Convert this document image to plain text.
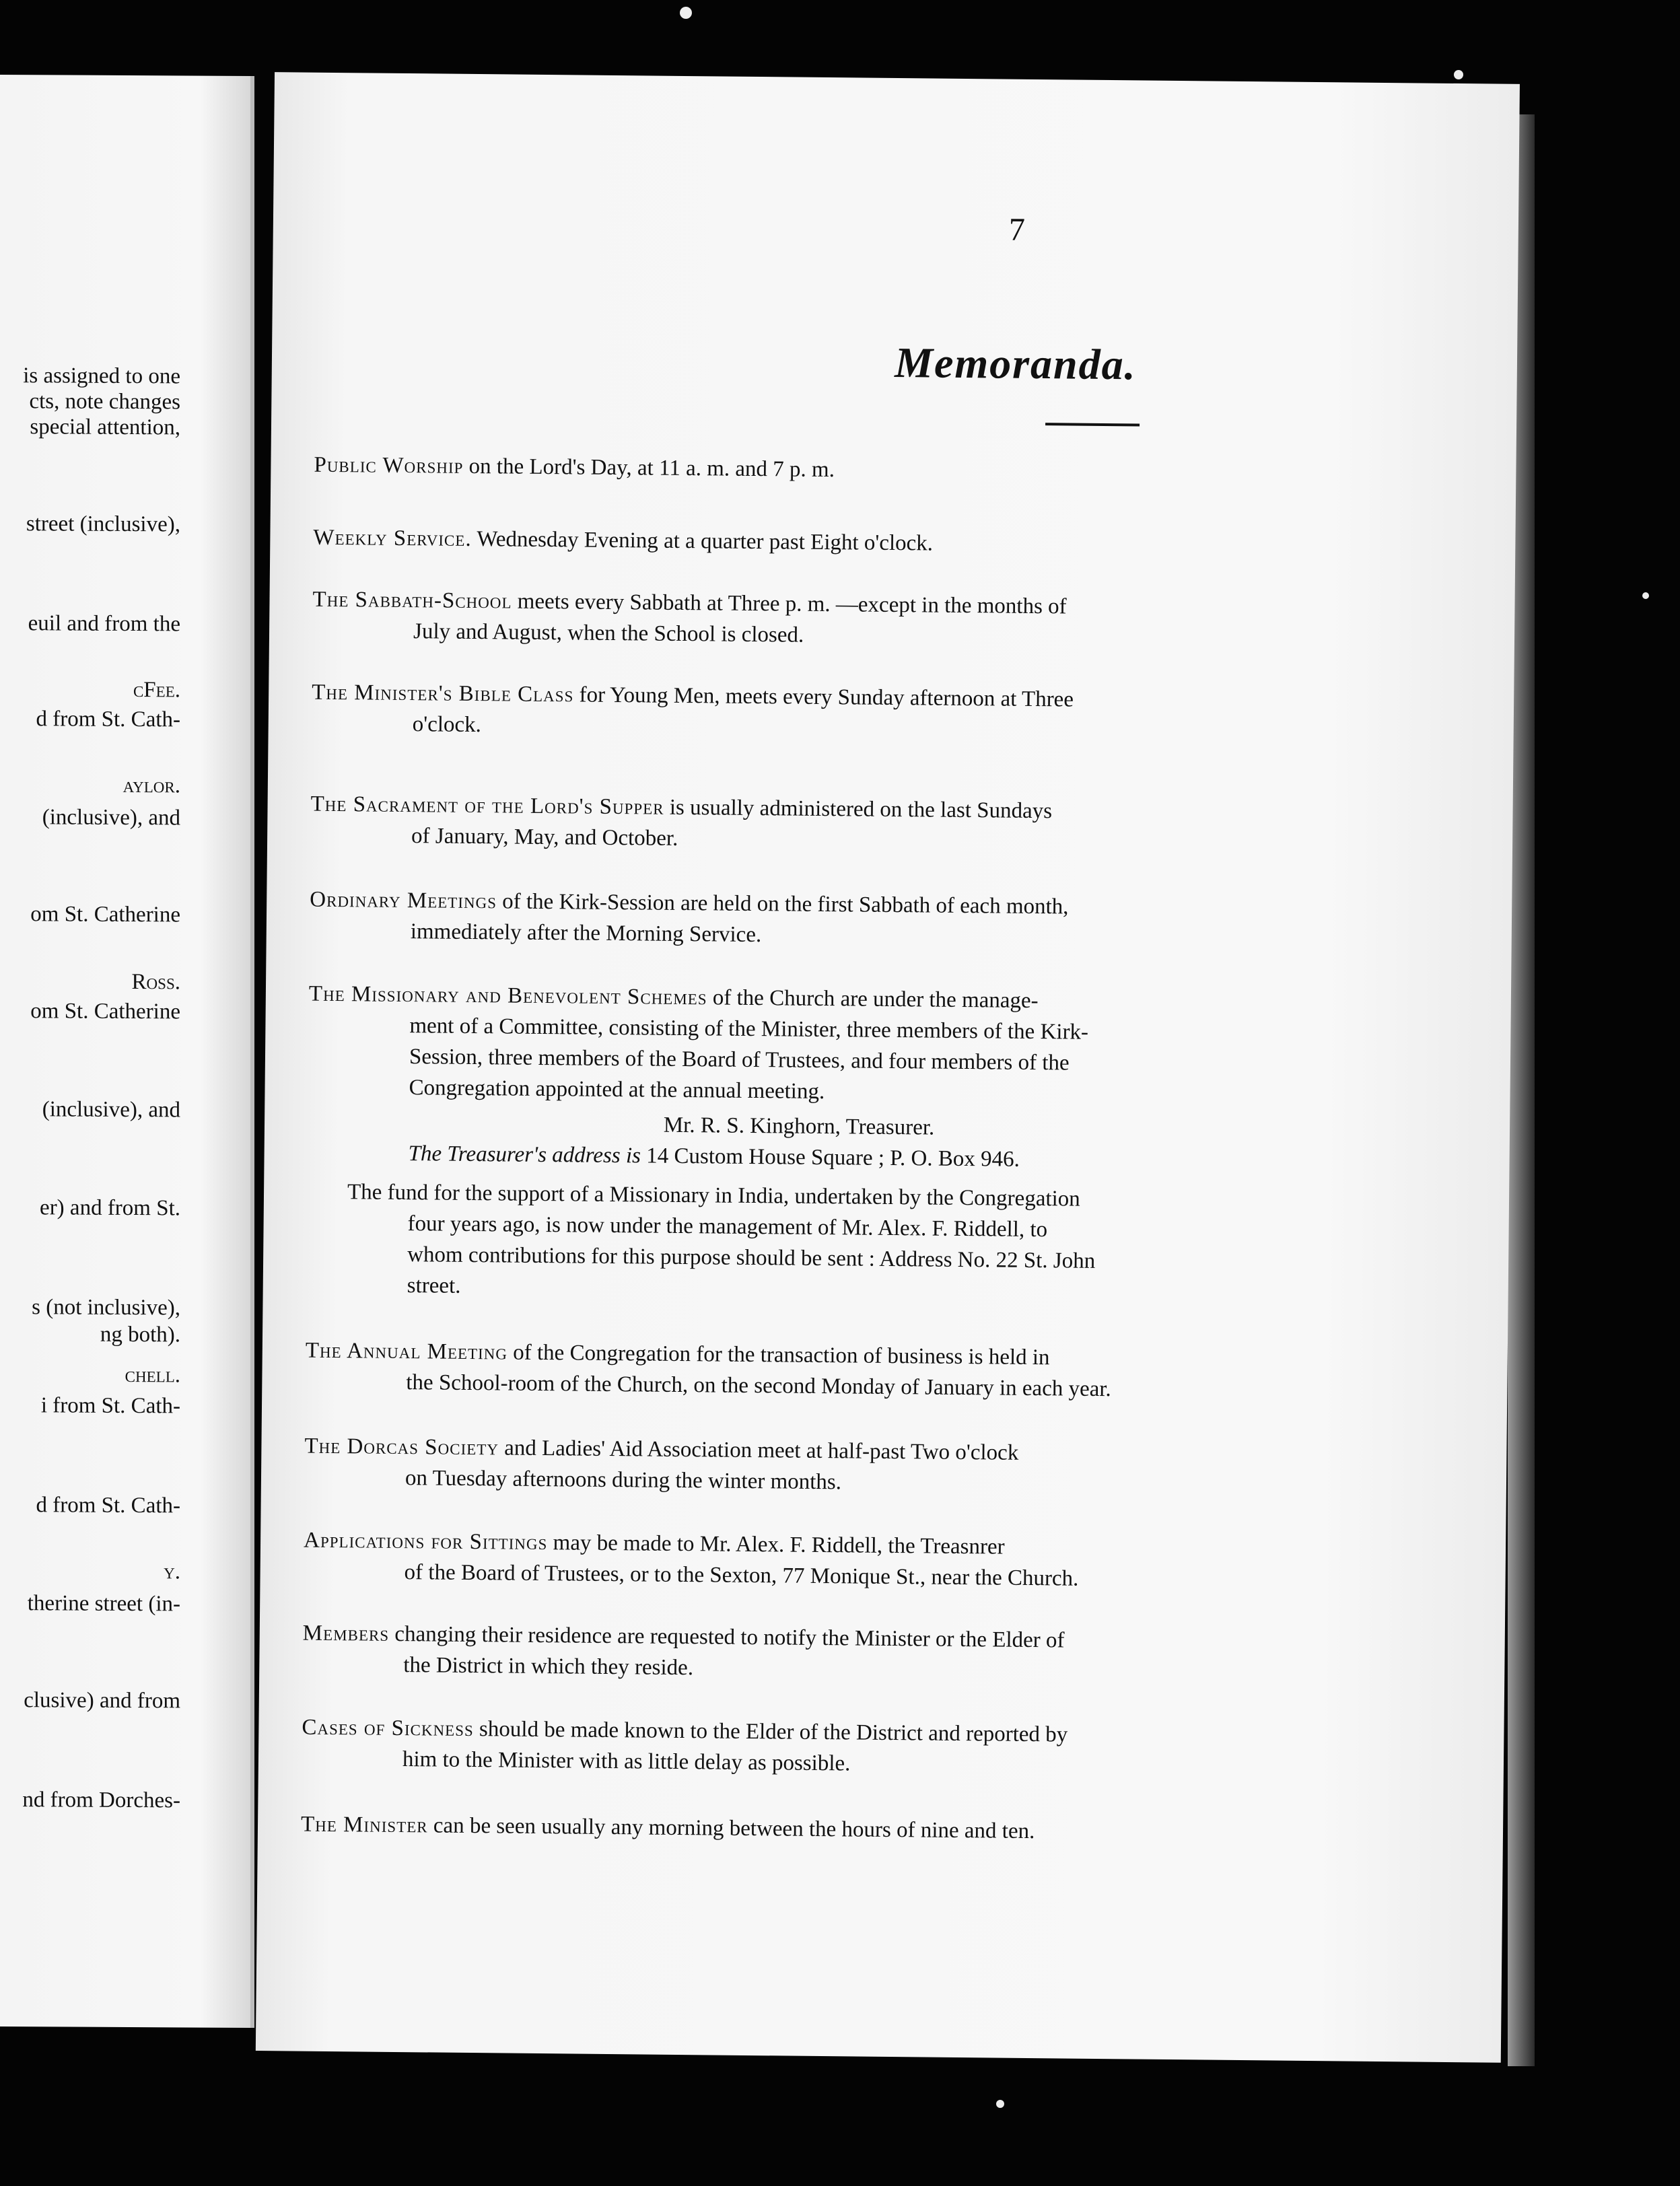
is assigned to one
cts, note changes
special attention,
street (inclusive),
euil and from the
cFee.
d from St. Cath-
aylor.
(inclusive), and
om St. Catherine
Ross.
om St. Catherine
(inclusive), and
er) and from St.
s (not inclusive),
ng both).
chell.
i from St. Cath-
d from St. Cath-
y.
therine street (in-
clusive) and from
nd from Dorches-
7
Memoranda.
Public Worship on the Lord's Day, at 11 a. m. and 7 p. m.
Weekly Service. Wednesday Evening at a quarter past Eight o'clock.
The Sabbath-School meets every Sabbath at Three p. m. —except in the months of
July and August, when the School is closed.
The Minister's Bible Class for Young Men, meets every Sunday afternoon at Three
o'clock.
The Sacrament of the Lord's Supper is usually administered on the last Sundays
of January, May, and October.
Ordinary Meetings of the Kirk-Session are held on the first Sabbath of each month,
immediately after the Morning Service.
The Missionary and Benevolent Schemes of the Church are under the manage-
ment of a Committee, consisting of the Minister, three members of the Kirk-
Session, three members of the Board of Trustees, and four members of the
Congregation appointed at the annual meeting.
Mr. R. S. Kinghorn, Treasurer.
The Treasurer's address is 14 Custom House Square ; P. O. Box 946.
The fund for the support of a Missionary in India, undertaken by the Congregation
four years ago, is now under the management of Mr. Alex. F. Riddell, to
whom contributions for this purpose should be sent : Address No. 22 St. John
street.
The Annual Meeting of the Congregation for the transaction of business is held in
the School-room of the Church, on the second Monday of January in each year.
The Dorcas Society and Ladies' Aid Association meet at half-past Two o'clock
on Tuesday afternoons during the winter months.
Applications for Sittings may be made to Mr. Alex. F. Riddell, the Treasnrer
of the Board of Trustees, or to the Sexton, 77 Monique St., near the Church.
Members changing their residence are requested to notify the Minister or the Elder of
the District in which they reside.
Cases of Sickness should be made known to the Elder of the District and reported by
him to the Minister with as little delay as possible.
The Minister can be seen usually any morning between the hours of nine and ten.
